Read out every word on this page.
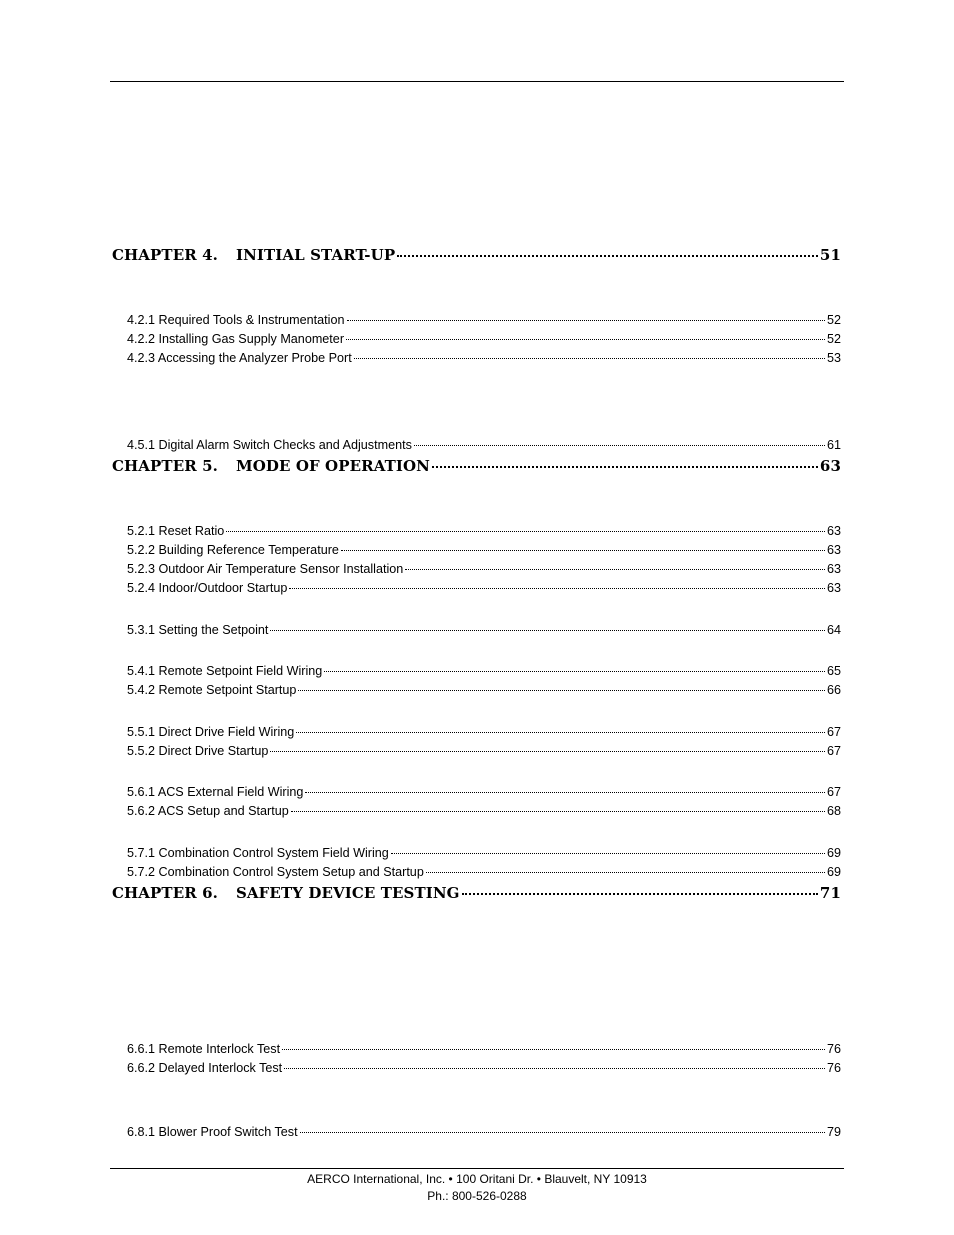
CHAPTER 4. INITIAL START-UP	51
4.2.1 Required Tools & Instrumentation	52
4.2.2 Installing Gas Supply Manometer	52
4.2.3 Accessing the Analyzer Probe Port	53
4.5.1 Digital Alarm Switch Checks and Adjustments	61
CHAPTER 5. MODE OF OPERATION	63
5.2.1 Reset Ratio	63
5.2.2 Building Reference Temperature	63
5.2.3 Outdoor Air Temperature Sensor Installation	63
5.2.4 Indoor/Outdoor Startup	63
5.3.1 Setting the Setpoint	64
5.4.1 Remote Setpoint Field Wiring	65
5.4.2 Remote Setpoint Startup	66
5.5.1 Direct Drive Field Wiring	67
5.5.2 Direct Drive Startup	67
5.6.1 ACS External Field Wiring	67
5.6.2 ACS Setup and Startup	68
5.7.1 Combination Control System Field Wiring	69
5.7.2 Combination Control System Setup and Startup	69
CHAPTER 6. SAFETY DEVICE TESTING	71
6.6.1 Remote Interlock Test	76
6.6.2 Delayed Interlock Test	76
6.8.1 Blower Proof Switch Test	79
AERCO International, Inc. • 100 Oritani Dr. • Blauvelt, NY 10913
Ph.: 800-526-0288
